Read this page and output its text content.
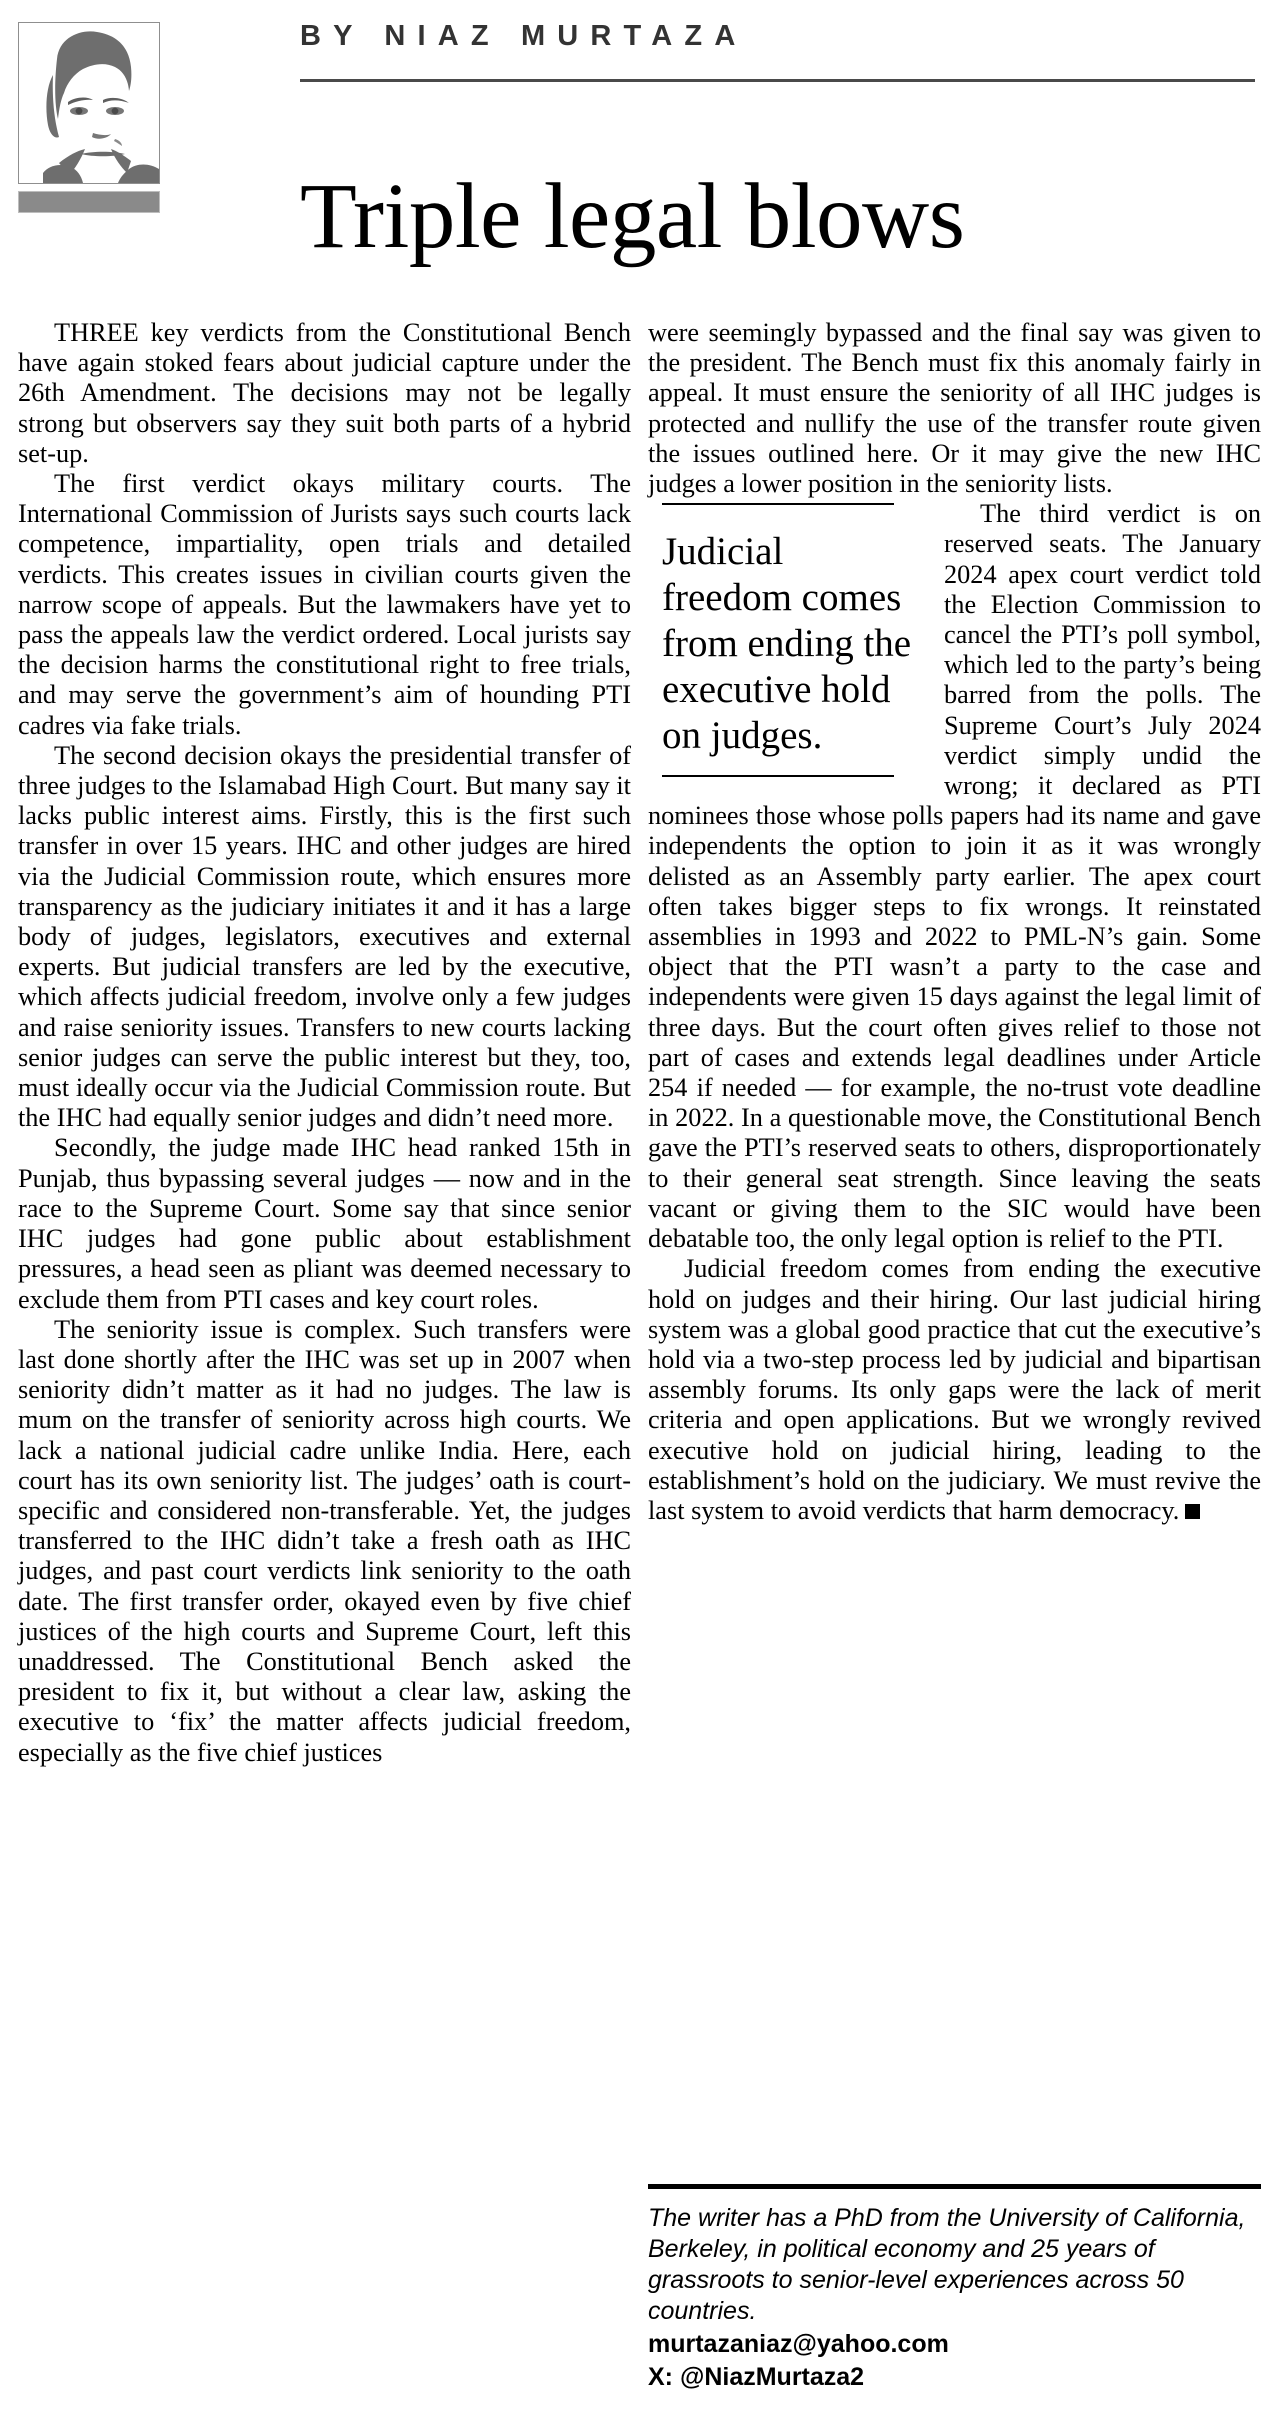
BY NIAZ MURTAZA
Triple legal blows

THREE key verdicts from the Constitutional Bench have again stoked fears about judicial capture under the 26th Amendment. The decisions may not be legally strong but observers say they suit both parts of a hybrid set-up.

The first verdict okays military courts. The International Commission of Jurists says such courts lack competence, impartiality, open trials and detailed verdicts. This creates issues in civilian courts given the narrow scope of appeals. But the lawmakers have yet to pass the appeals law the verdict ordered. Local jurists say the decision harms the constitutional right to free trials, and may serve the government’s aim of hounding PTI cadres via fake trials.

The second decision okays the presidential transfer of three judges to the Islamabad High Court. But many say it lacks public interest aims. Firstly, this is the first such transfer in over 15 years. IHC and other judges are hired via the Judicial Commission route, which ensures more transparency as the judiciary initiates it and it has a large body of judges, legislators, executives and external experts. But judicial transfers are led by the executive, which affects judicial freedom, involve only a few judges and raise seniority issues. Transfers to new courts lacking senior judges can serve the public interest but they, too, must ideally occur via the Judicial Commission route. But the IHC had equally senior judges and didn’t need more.

Secondly, the judge made IHC head ranked 15th in Punjab, thus bypassing several judges — now and in the race to the Supreme Court. Some say that since senior IHC judges had gone public about establishment pressures, a head seen as pliant was deemed necessary to exclude them from PTI cases and key court roles.

The seniority issue is complex. Such transfers were last done shortly after the IHC was set up in 2007 when seniority didn’t matter as it had no judges. The law is mum on the transfer of seniority across high courts. We lack a national judicial cadre unlike India. Here, each court has its own seniority list. The judges’ oath is court-specific and considered non-transferable. Yet, the judges transferred to the IHC didn’t take a fresh oath as IHC judges, and past court verdicts link seniority to the oath date. The first transfer order, okayed even by five chief justices of the high courts and Supreme Court, left this unaddressed. The Constitutional Bench asked the president to fix it, but without a clear law, asking the executive to ‘fix’ the matter affects judicial freedom, especially as the five chief justices

were seemingly bypassed and the final say was given to the president. The Bench must fix this anomaly fairly in appeal. It must ensure the seniority of all IHC judges is protected and nullify the use of the transfer route given the issues outlined here. Or it may give the new IHC judges a lower position in the seniority lists.

Judicial freedom comes from ending the executive hold on judges.

The third verdict is on reserved seats. The January 2024 apex court verdict told the Election Commission to cancel the PTI’s poll symbol, which led to the party’s being barred from the polls. The Supreme Court’s July 2024 verdict simply undid the wrong; it declared as PTI nominees those whose polls papers had its name and gave independents the option to join it as it was wrongly delisted as an Assembly party earlier. The apex court often takes bigger steps to fix wrongs. It reinstated assemblies in 1993 and 2022 to PML-N’s gain. Some object that the PTI wasn’t a party to the case and independents were given 15 days against the legal limit of three days. But the court often gives relief to those not part of cases and extends legal deadlines under Article 254 if needed — for example, the no-trust vote deadline in 2022. In a questionable move, the Constitutional Bench gave the PTI’s reserved seats to others, disproportionately to their general seat strength. Since leaving the seats vacant or giving them to the SIC would have been debatable too, the only legal option is relief to the PTI.

Judicial freedom comes from ending the executive hold on judges and their hiring. Our last judicial hiring system was a global good practice that cut the executive’s hold via a two-step process led by judicial and bipartisan assembly forums. Its only gaps were the lack of merit criteria and open applications. But we wrongly revived executive hold on judicial hiring, leading to the establishment’s hold on the judiciary. We must revive the last system to avoid verdicts that harm democracy.

The writer has a PhD from the University of California, Berkeley, in political economy and 25 years of grassroots to senior-level experiences across 50 countries.

murtazaniaz@yahoo.com

X: @NiazMurtaza2
